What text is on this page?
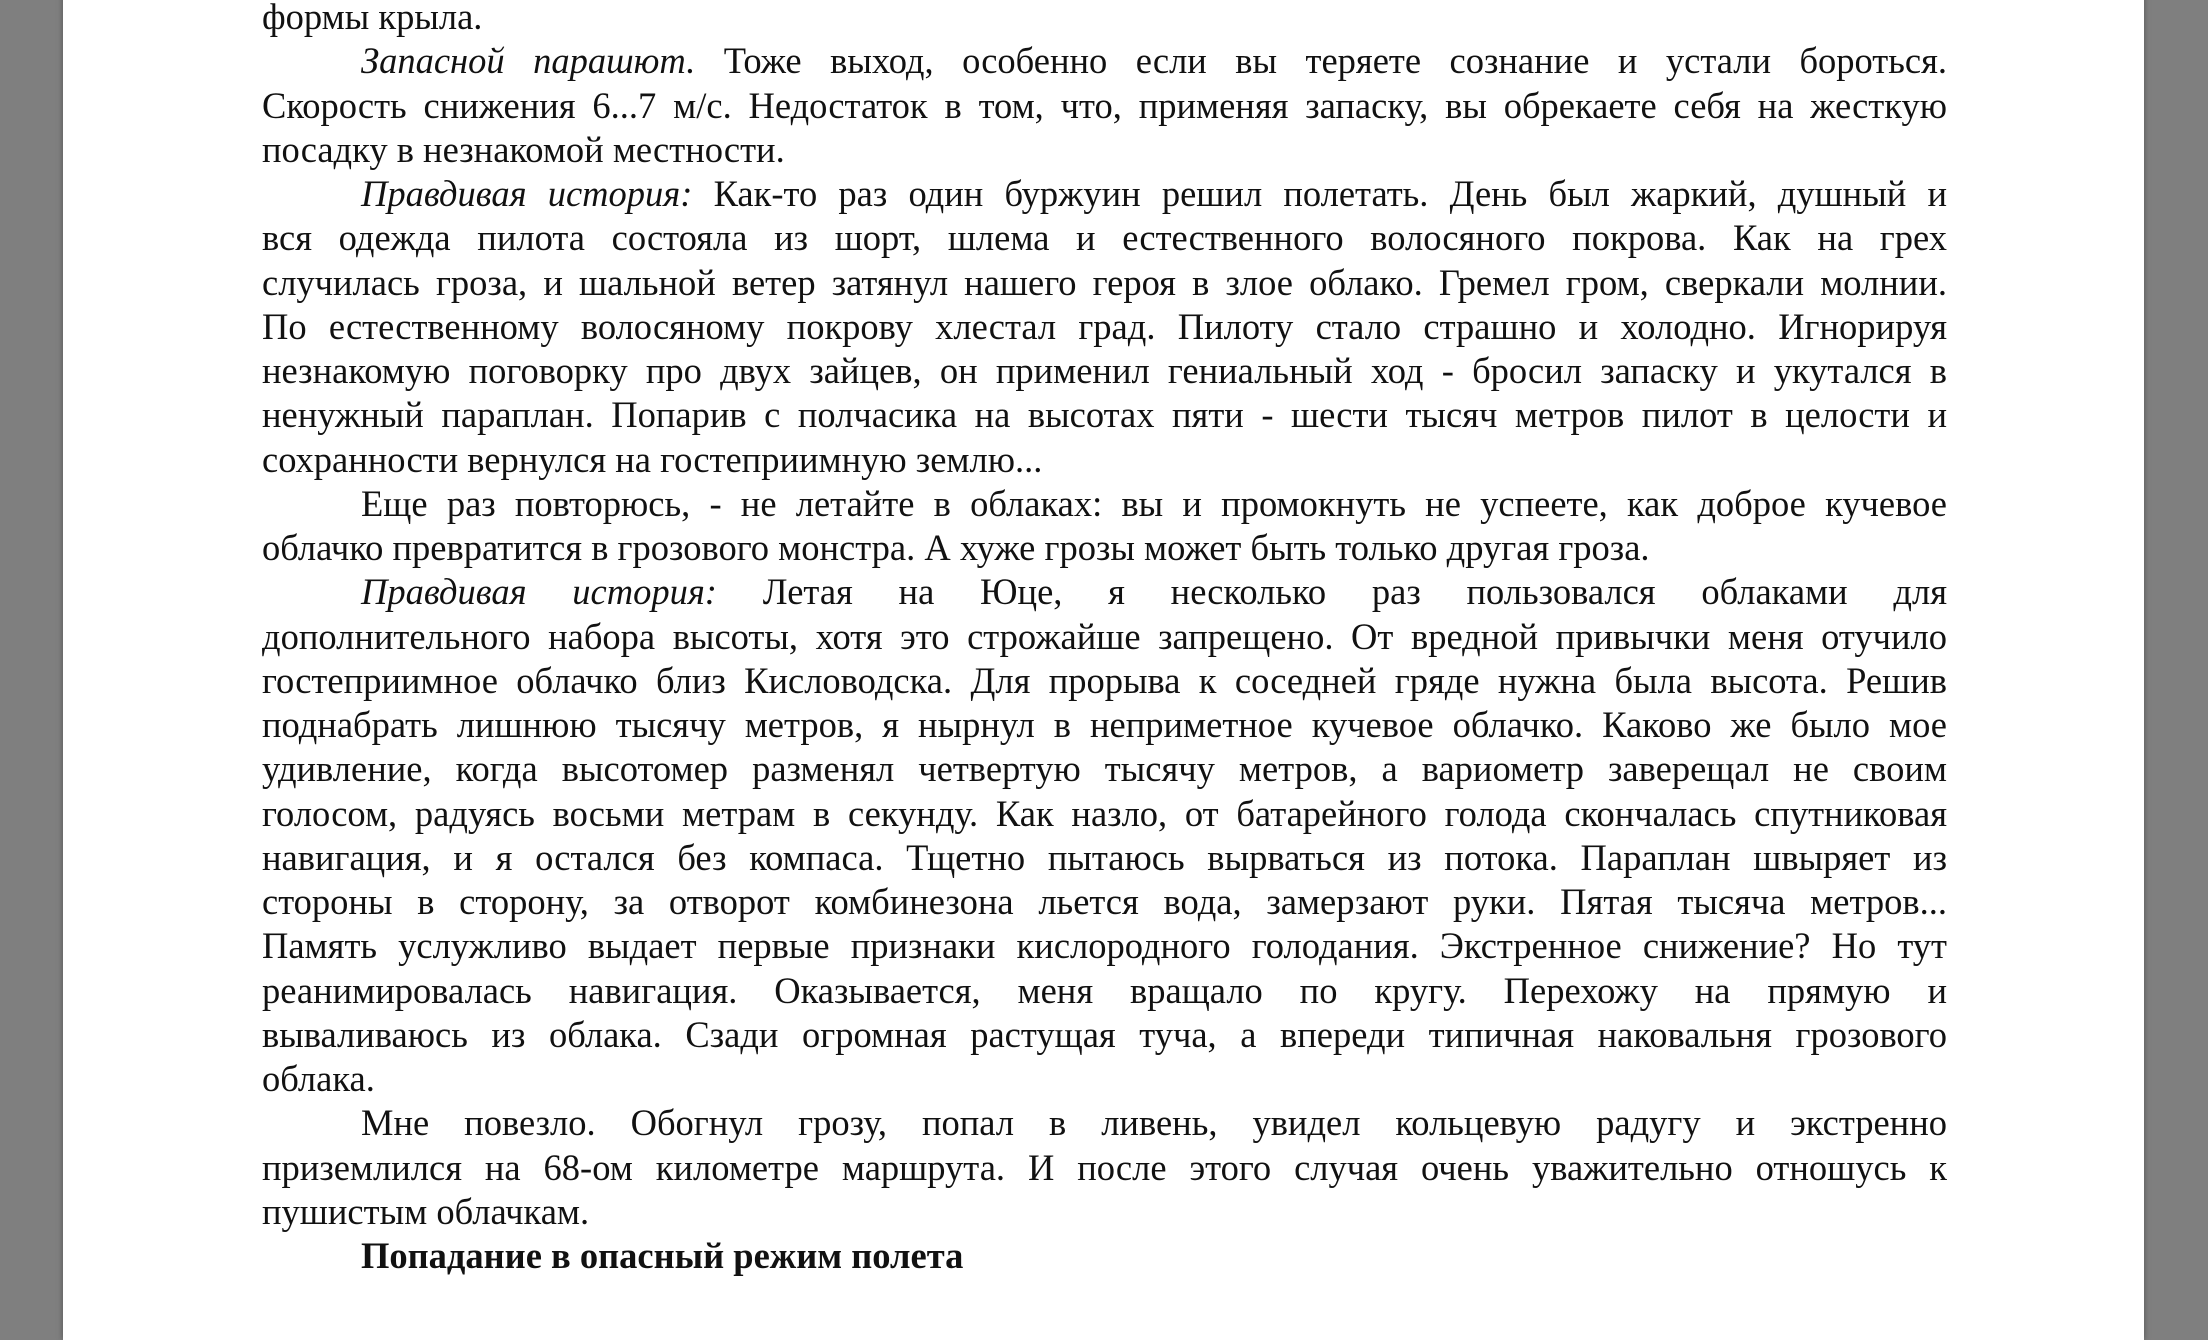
формы крыла.
Запасной парашют. Тоже выход, особенно если вы теряете сознание и устали бороться.
Скорость снижения 6...7 м/с. Недостаток в том, что, применяя запаску, вы обрекаете себя на жесткую
посадку в незнакомой местности.
Правдивая история: Как-то раз один буржуин решил полетать. День был жаркий, душный и
вся одежда пилота состояла из шорт, шлема и естественного волосяного покрова. Как на грех
случилась гроза, и шальной ветер затянул нашего героя в злое облако. Гремел гром, сверкали молнии.
По естественному волосяному покрову хлестал град. Пилоту стало страшно и холодно. Игнорируя
незнакомую поговорку про двух зайцев, он применил гениальный ход - бросил запаску и укутался в
ненужный параплан. Попарив с полчасика на высотах пяти - шести тысяч метров пилот в целости и
сохранности вернулся на гостеприимную землю...
Еще раз повторюсь, - не летайте в облаках: вы и промокнуть не успеете, как доброе кучевое
облачко превратится в грозового монстра. А хуже грозы может быть только другая гроза.
Правдивая история: Летая на Юце, я несколько раз пользовался облаками для
дополнительного набора высоты, хотя это строжайше запрещено. От вредной привычки меня отучило
гостеприимное облачко близ Кисловодска. Для прорыва к соседней гряде нужна была высота. Решив
поднабрать лишнюю тысячу метров, я нырнул в неприметное кучевое облачко. Каково же было мое
удивление, когда высотомер разменял четвертую тысячу метров, а вариометр заверещал не своим
голосом, радуясь восьми метрам в секунду. Как назло, от батарейного голода скончалась спутниковая
навигация, и я остался без компаса. Тщетно пытаюсь вырваться из потока. Параплан швыряет из
стороны в сторону, за отворот комбинезона льется вода, замерзают руки. Пятая тысяча метров...
Память услужливо выдает первые признаки кислородного голодания. Экстренное снижение? Но тут
реанимировалась навигация. Оказывается, меня вращало по кругу. Перехожу на прямую и
вываливаюсь из облака. Сзади огромная растущая туча, а впереди типичная наковальня грозового
облака.
Мне повезло. Обогнул грозу, попал в ливень, увидел кольцевую радугу и экстренно
приземлился на 68-ом километре маршрута. И после этого случая очень уважительно отношусь к
пушистым облачкам.
Попадание в опасный режим полета
